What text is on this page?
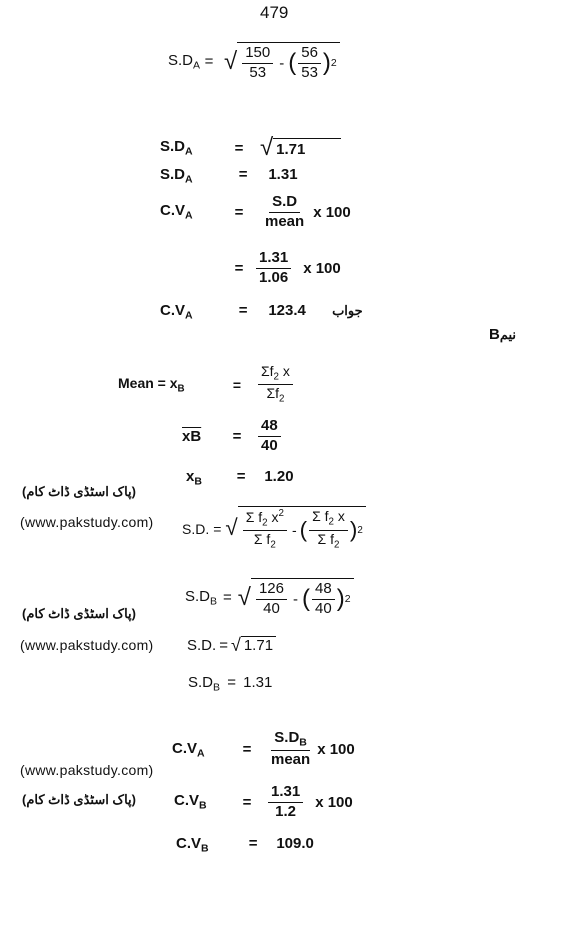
479
$S.D_A$ = √ $\frac{150}{53}$ - ( $\frac{56}{53}$ ) 2
$S.D_A$	= √ 1.71
$S.D_A$	= 1.31
$C.V_A$	=	$\frac{S.D}{\text{mean}}$ x 100
= $\frac{1.31}{1.06}$ x 100
$C.V_A$	= 123.4 جواب
Bنیم
Mean = $x_B$	=	$\frac{\Sigma f_2 x}{\Sigma f_2}$
$\overline{xB}$	=	$\frac{48}{40}$
$x_B = 1.20$
(پاک اسٹڈی ڈاٹ کام)
(www.pakstudy.com) S.D. = √ $\frac{\Sigma f_2 x^2}{\Sigma f_2}$ - ( $\frac{\Sigma f_2 x}{\Sigma f_2}$ ) 2
$S.D_B$ = √ $\frac{126}{40}$ - ( $\frac{48}{40}$ ) 2
(پاک اسٹڈی ڈاٹ کام)
(www.pakstudy.com) S.D. = √ 1.71
$S.D_B = 1.31$
$C.V_A$	=	$\frac{S.D_B}{\text{mean}}$ x 100
(www.pakstudy.com)
(پاک اسٹڈی ڈاٹ کام)	$C.V_B$	=	$\frac{1.31}{1.2}$ x 100
$C.V_B$	= 109.0
